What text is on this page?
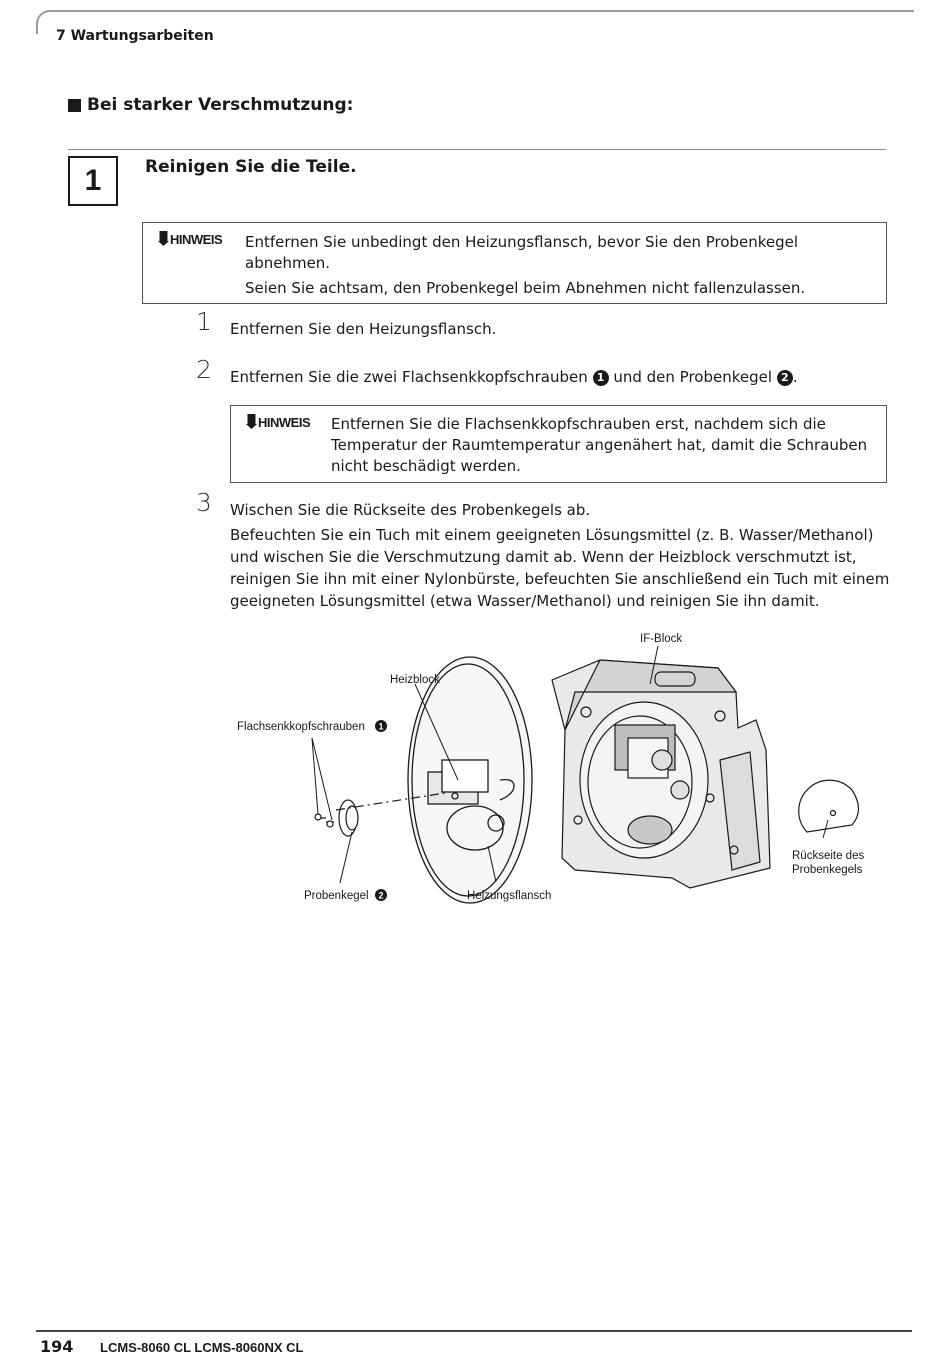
7 Wartungsarbeiten
Bei starker Verschmutzung:
1	Reinigen Sie die Teile.
HINWEIS Entfernen Sie unbedingt den Heizungsflansch, bevor Sie den Probenkegel abnehmen.

Seien Sie achtsam, den Probenkegel beim Abnehmen nicht fallenzulassen.

1 Entfernen Sie den Heizungsflansch.
2 Entfernen Sie die zwei Flachsenkkopfschrauben 1 und den Probenkegel 2 .
HINWEIS Entfernen Sie die Flachsenkkopfschrauben erst, nachdem sich die Temperatur der Raumtemperatur angenähert hat, damit die Schrauben nicht beschädigt werden.
3 Wischen Sie die Rückseite des Probenkegels ab.
Befeuchten Sie ein Tuch mit einem geeigneten Lösungsmittel (z. B. Wasser/Methanol) und wischen Sie die Verschmutzung damit ab. Wenn der Heizblock verschmutzt ist, reinigen Sie ihn mit einer Nylonbürste, befeuchten Sie anschließend ein Tuch mit einem geeigneten Lösungsmittel (etwa Wasser/Methanol) und reinigen Sie ihn damit.
IF-Block
Heizblock
Flachsenkkopfschrauben 1
Probenkegel 2	Heizungsflansch
Rückseite des
Probenkegels
194 LCMS-8060 CL LCMS-8060NX CL
